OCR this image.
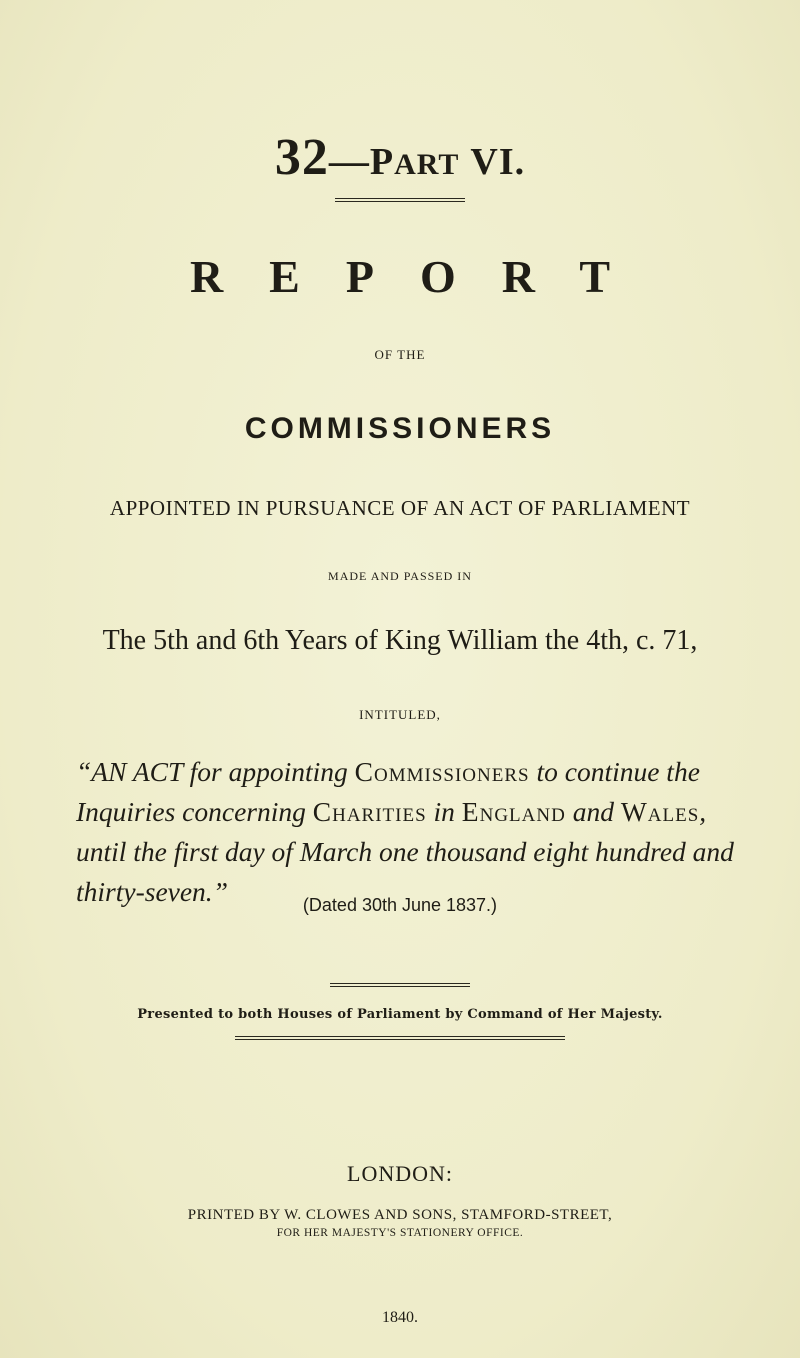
32—PART VI.
REPORT
OF THE
COMMISSIONERS
APPOINTED IN PURSUANCE OF AN ACT OF PARLIAMENT
MADE AND PASSED IN
The 5th and 6th Years of King William the 4th, c. 71,
INTITULED,
“AN ACT for appointing Commissioners to continue the Inquiries concerning Charities in England and Wales, until the first day of March one thousand eight hundred and thirty-seven.”	(Dated 30th June 1837.)
Presented to both Houses of Parliament by Command of Her Majesty.
LONDON:
PRINTED BY W. CLOWES AND SONS, STAMFORD-STREET,
FOR HER MAJESTY'S STATIONERY OFFICE.
1840.
